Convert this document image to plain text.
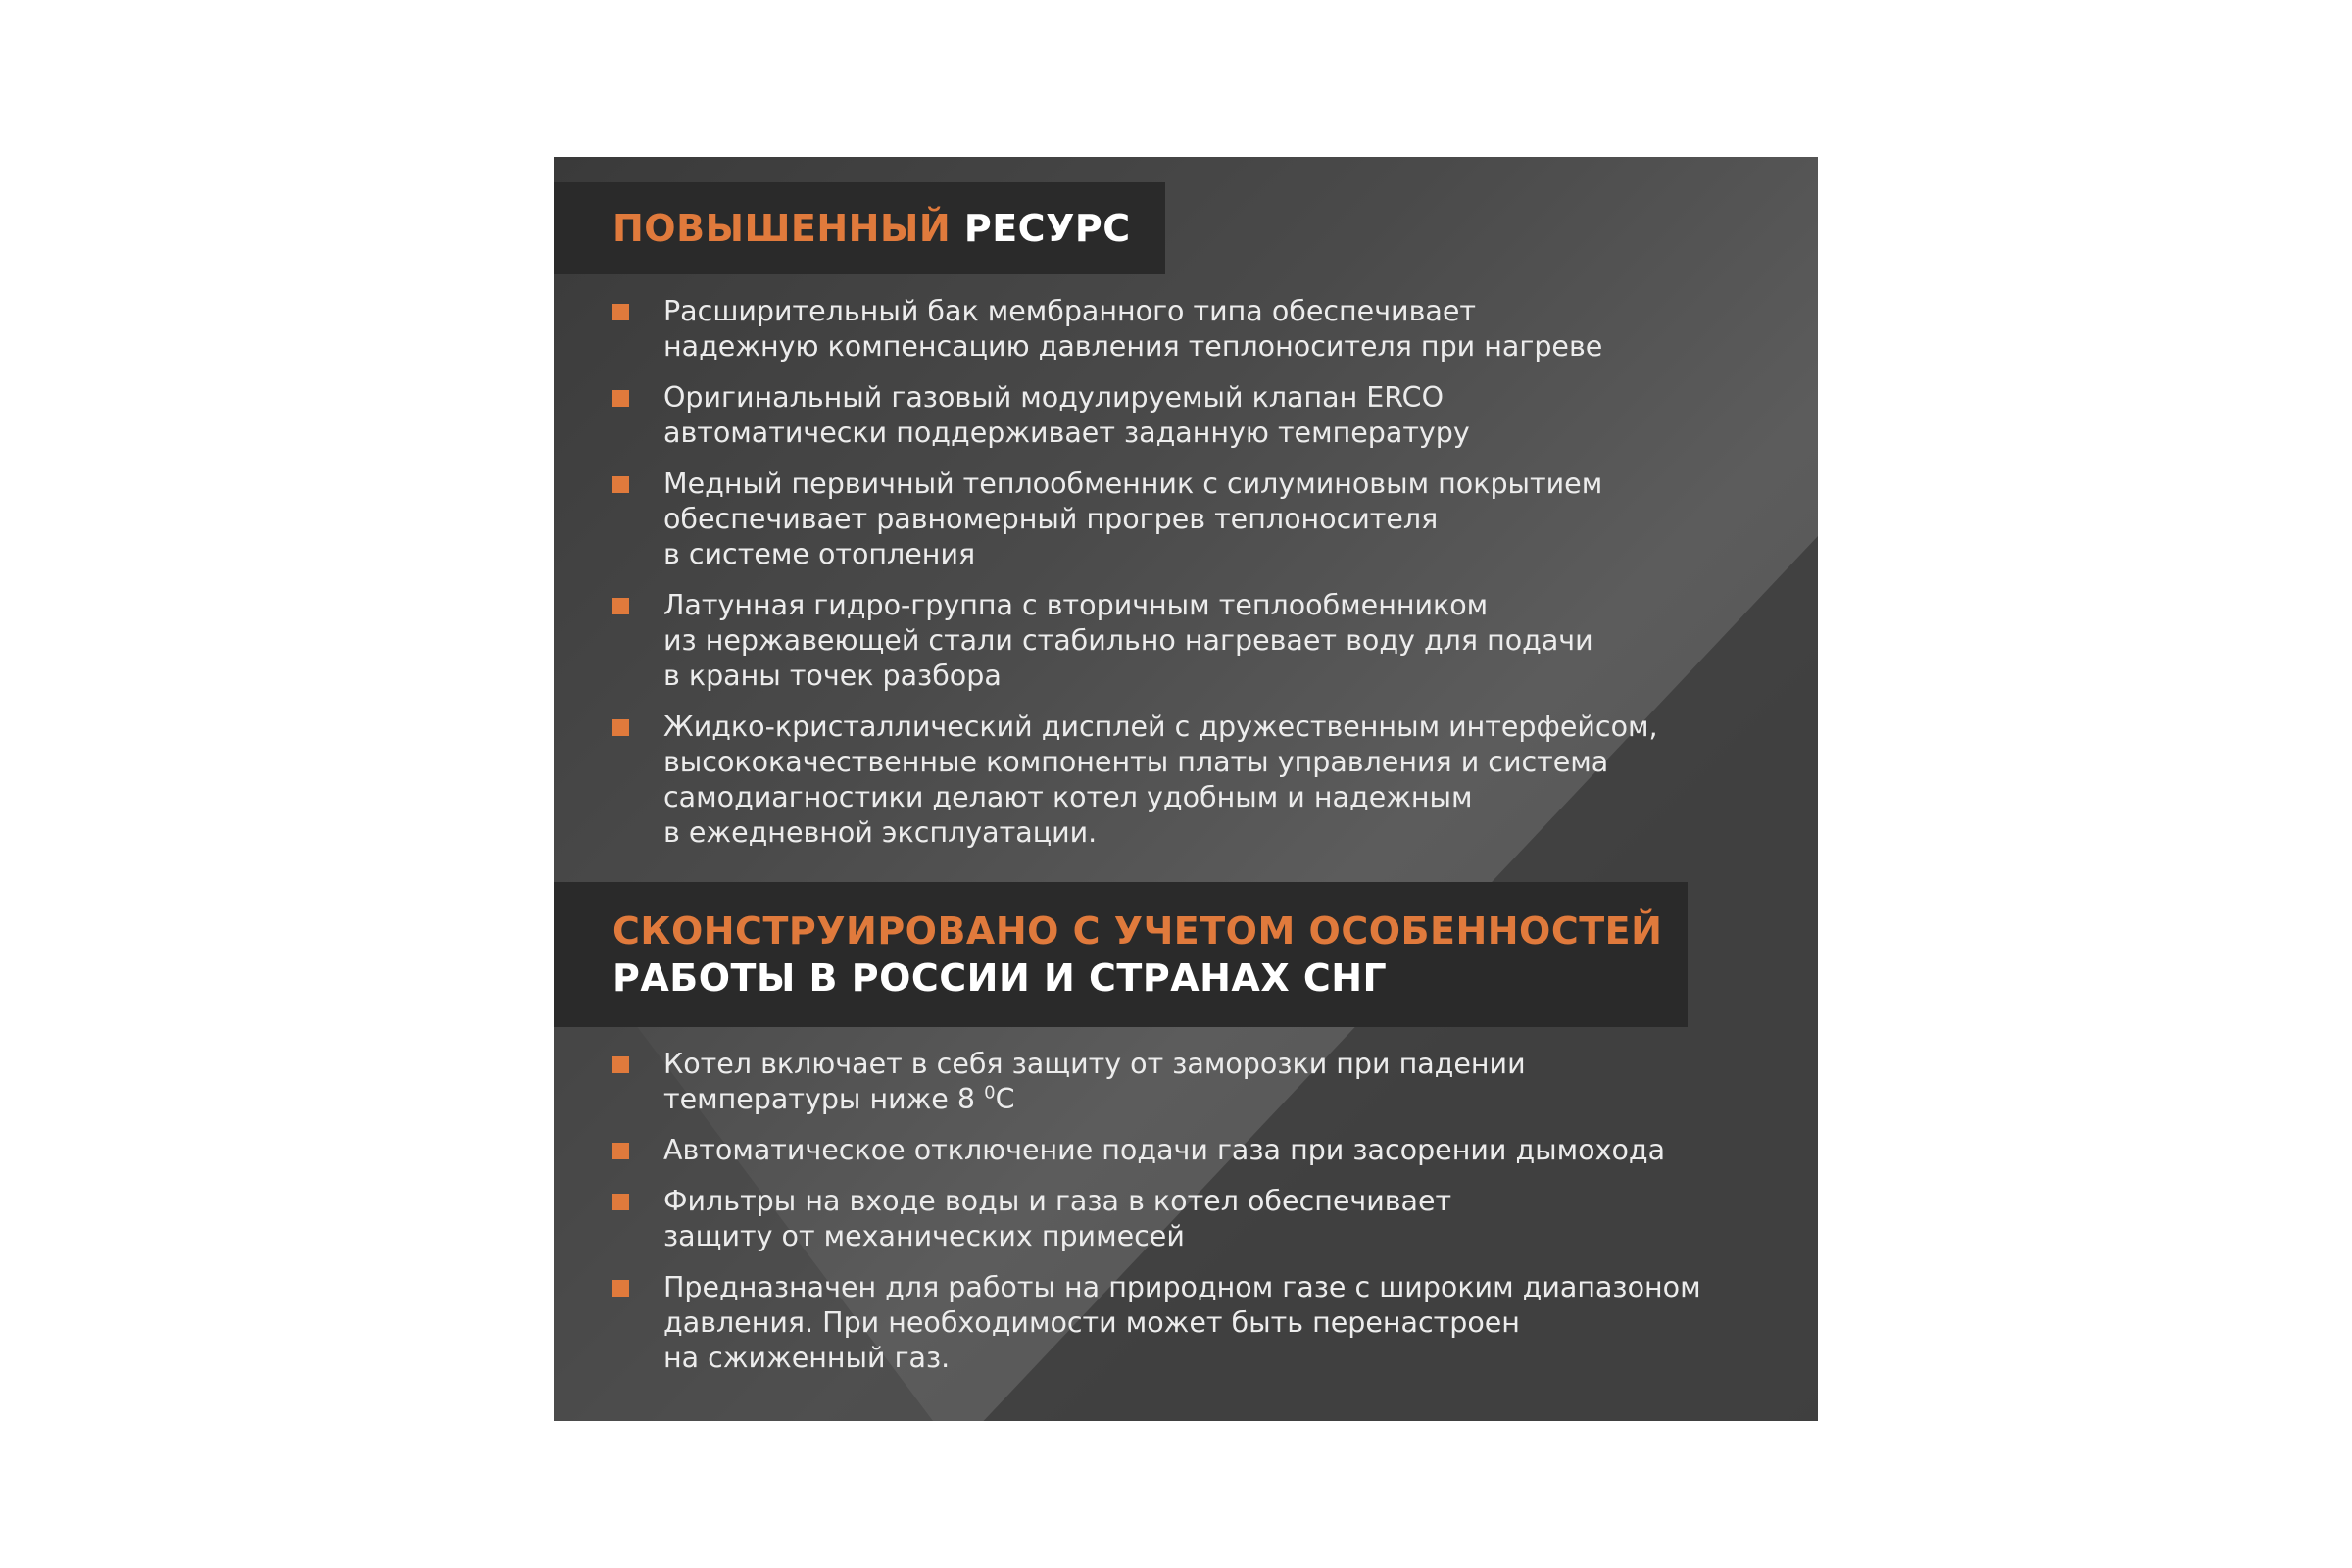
ПОВЫШЕННЫЙ РЕСУРС
Расширительный бак мембранного типа обеспечивает
надежную компенсацию давления теплоносителя при нагреве
Оригинальный газовый модулируемый клапан ERCO
автоматически поддерживает заданную температуру
Медный первичный теплообменник с силуминовым покрытием
обеспечивает равномерный прогрев теплоносителя
в системе отопления
Латунная гидро-группа с вторичным теплообменником
из нержавеющей стали стабильно нагревает воду для подачи
в краны точек разбора
Жидко-кристаллический дисплей с дружественным интерфейсом,
высококачественные компоненты платы управления и система
самодиагностики делают котел удобным и надежным
в ежедневной эксплуатации.
СКОНСТРУИРОВАНО С УЧЕТОМ ОСОБЕННОСТЕЙ
РАБОТЫ В РОССИИ И СТРАНАХ СНГ
Котел включает в себя защиту от заморозки при падении
температуры ниже 8 $^0$С
Автоматическое отключение подачи газа при засорении дымохода
Фильтры на входе воды и газа в котел обеспечивает
защиту от механических примесей
Предназначен для работы на природном газе с широким диапазоном
давления. При необходимости может быть перенастроен
на сжиженный газ.
